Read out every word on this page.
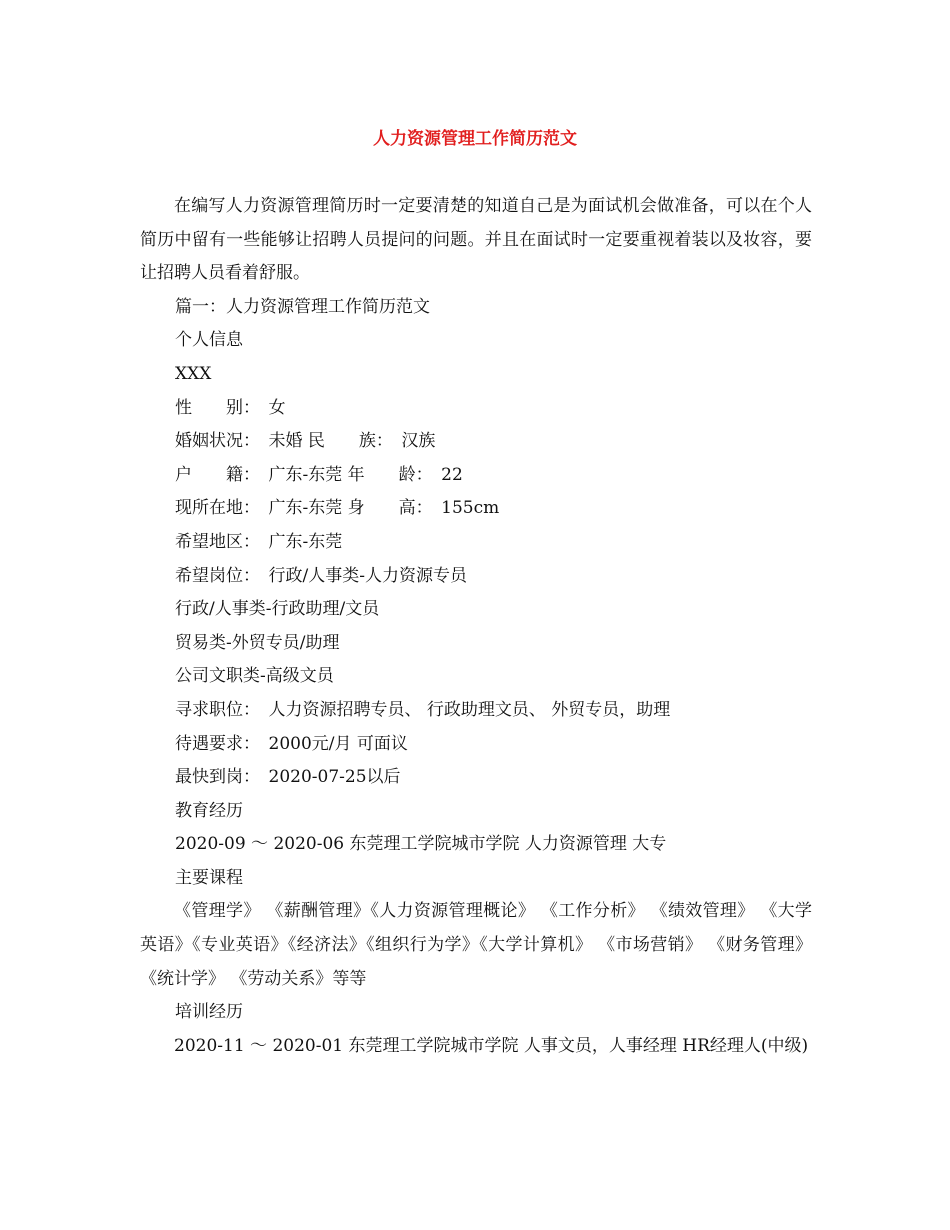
人力资源管理工作简历范文

在编写人力资源管理简历时一定要清楚的知道自己是为面试机会做准备，可以在个人简历中留有一些能够让招聘人员提问的问题。并且在面试时一定要重视着装以及妆容，要让招聘人员看着舒服。

篇一：人力资源管理工作简历范文

个人信息

XXX

性　　别：　女

婚姻状况：　未婚 民　　族：　汉族

户　　籍：　广东-东莞 年　　龄：　22

现所在地：　广东-东莞 身　　高：　155cm

希望地区：　广东-东莞

希望岗位：　行政/人事类-人力资源专员

行政/人事类-行政助理/文员

贸易类-外贸专员/助理

公司文职类-高级文员

寻求职位：　人力资源招聘专员、 行政助理文员、 外贸专员，助理

待遇要求：　2000元/月 可面议

最快到岗：　2020-07-25以后

教育经历

2020-09 ～ 2020-06 东莞理工学院城市学院 人力资源管理 大专

主要课程

《管理学》 《薪酬管理》《人力资源管理概论》 《工作分析》 《绩效管理》 《大学英语》《专业英语》《经济法》《组织行为学》《大学计算机》 《市场营销》 《财务管理》《统计学》 《劳动关系》等等

培训经历

2020-11 ～ 2020-01 东莞理工学院城市学院 人事文员，人事经理 HR经理人(中级)
